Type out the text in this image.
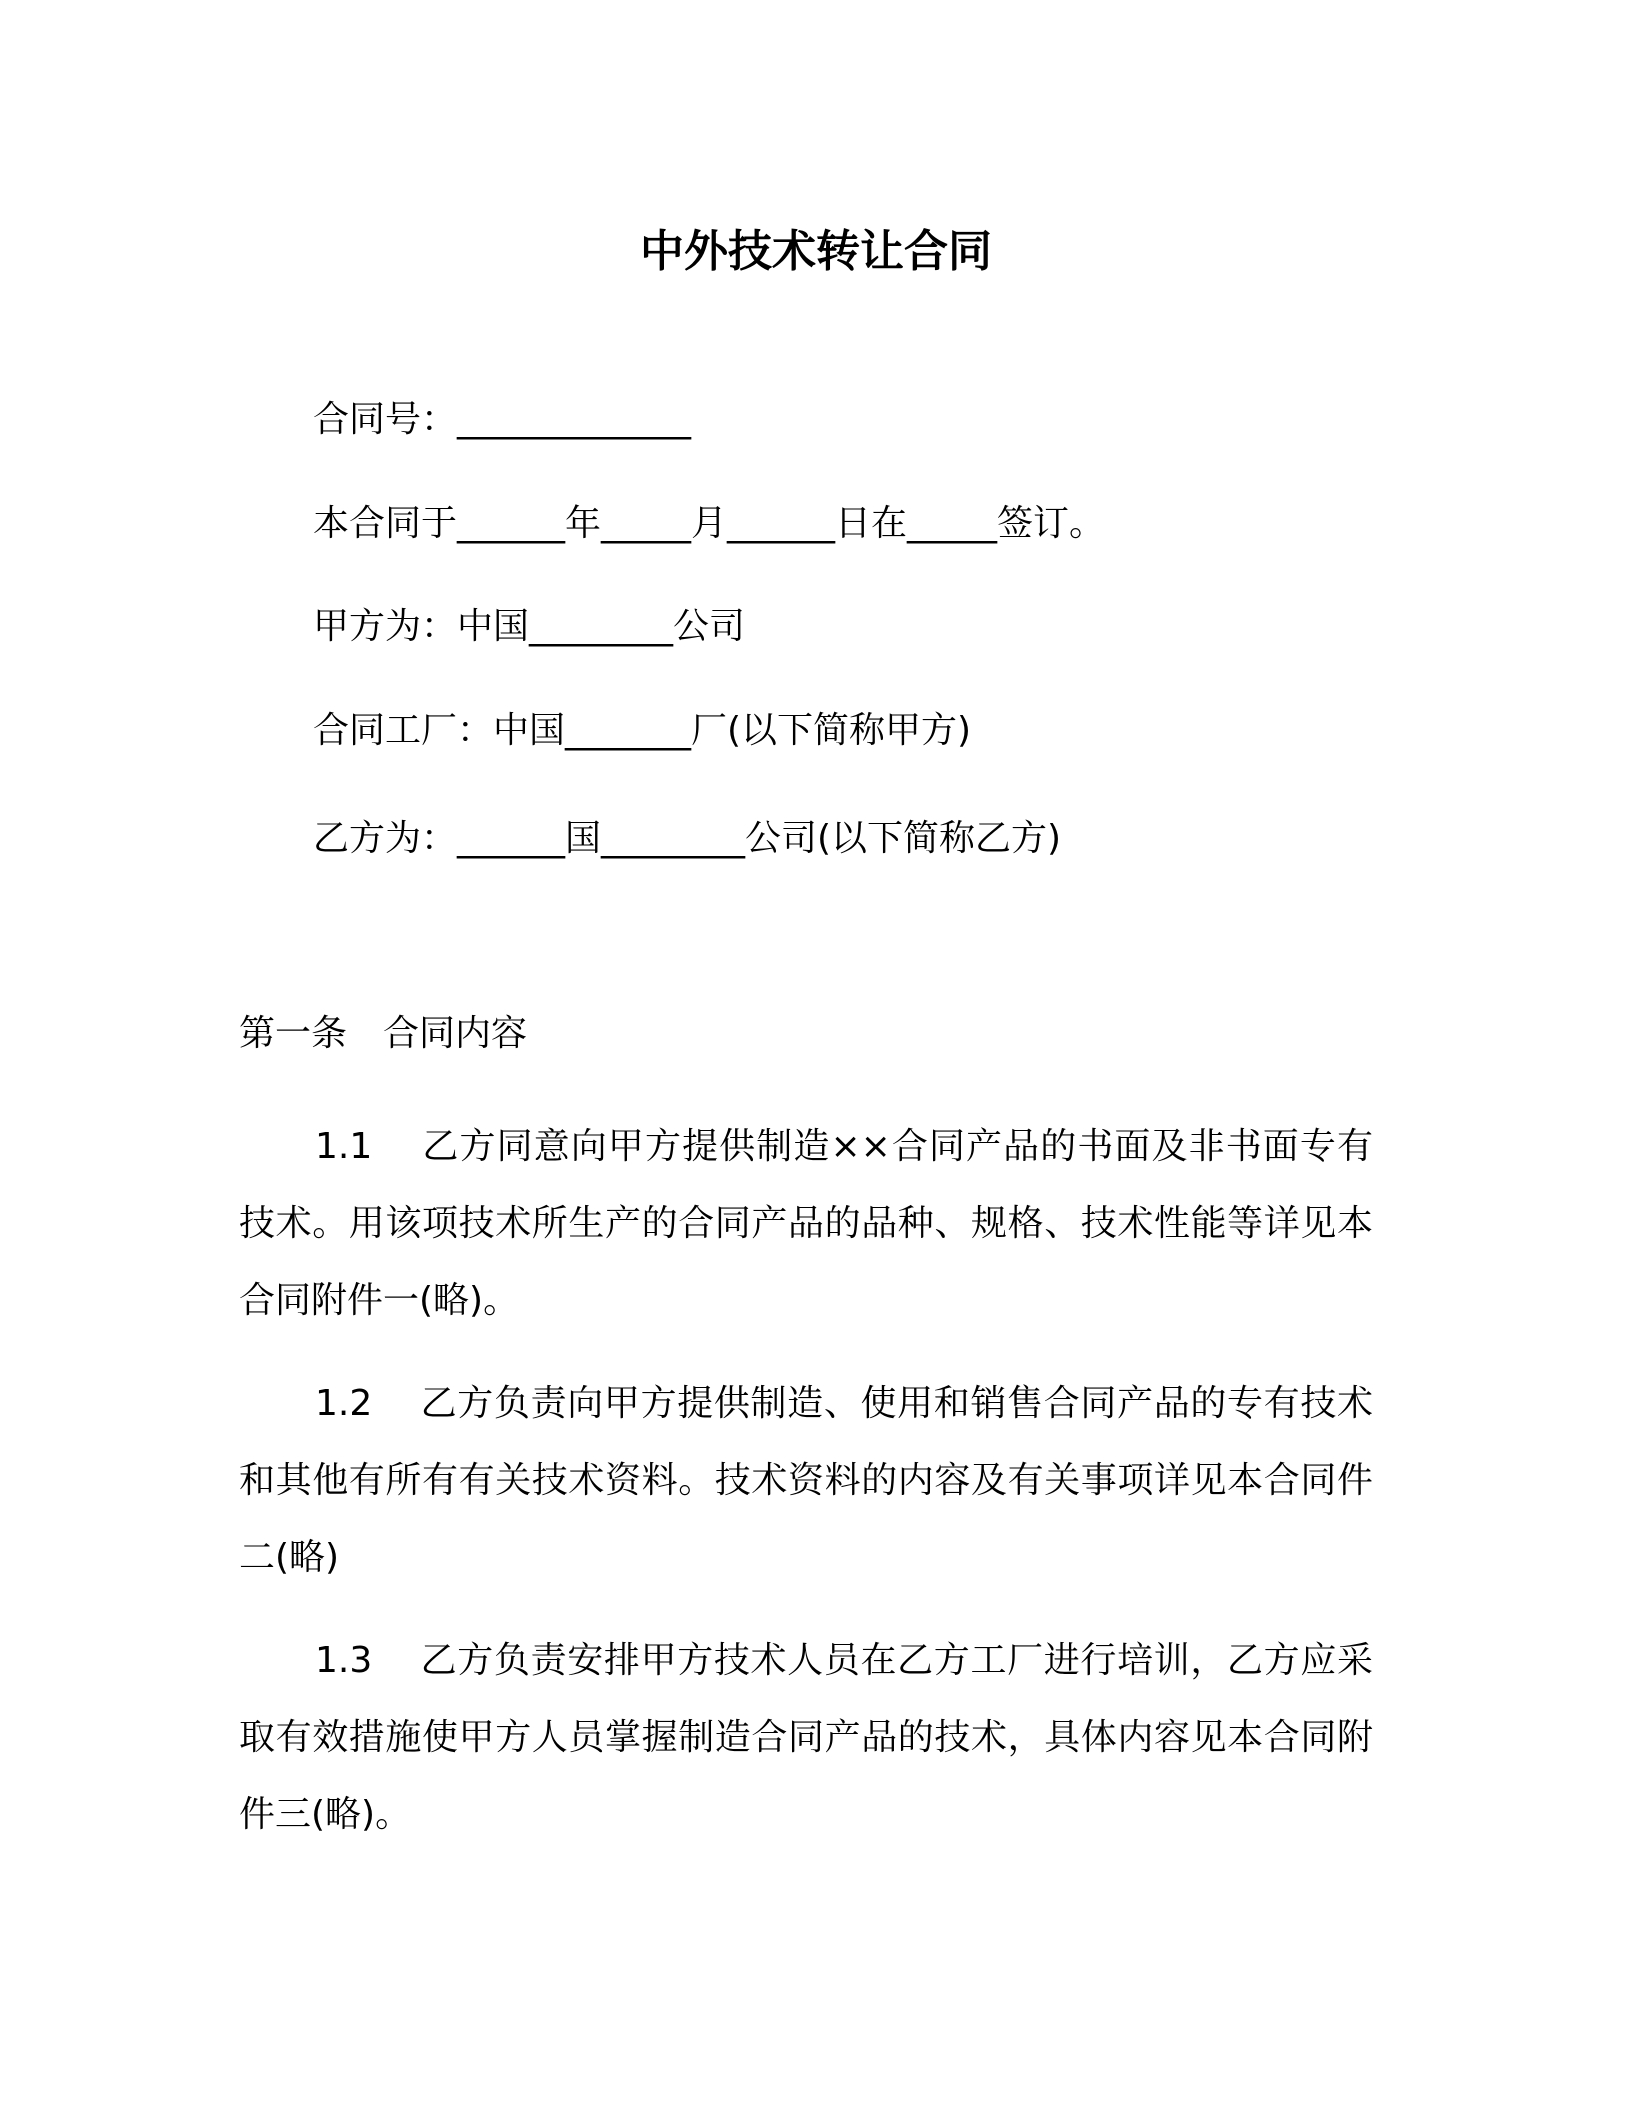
中外技术转让合同
合同号：_____________
本合同于______年_____月______日在_____签订。
甲方为：中国________公司
合同工厂：中国_______厂(以下简称甲方)
乙方为：______国________公司(以下简称乙方)
第一条　合同内容

1.1 乙方同意向甲方提供制造××合同产品的书面及非书面专有技术。用该项技术所生产的合同产品的品种、规格、技术性能等详见本合同附件一(略)。

1.2 乙方负责向甲方提供制造、使用和销售合同产品的专有技术和其他有所有有关技术资料。技术资料的内容及有关事项详见本合同件二(略)

1.3 乙方负责安排甲方技术人员在乙方工厂进行培训，乙方应采取有效措施使甲方人员掌握制造合同产品的技术，具体内容见本合同附件三(略)。
